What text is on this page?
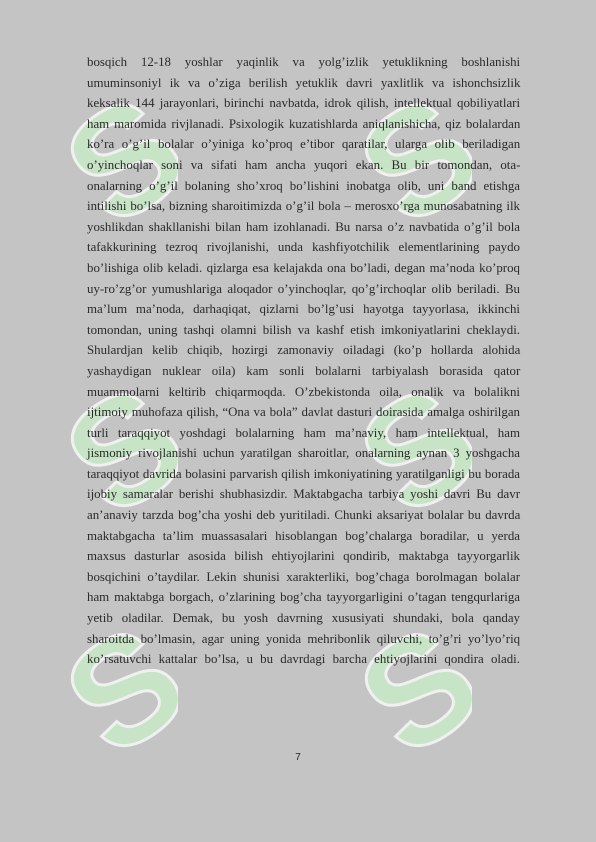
S S
S S
S S
bosqich 12-18 yoshlar yaqinlik va yolg’izlik yetuklikning boshlanishi
umuminsoniyl ik va o’ziga berilish yetuklik davri yaxlitlik va ishonchsizlik
keksalik 144 jarayonlari, birinchi navbatda, idrok qilish, intellektual qobiliyatlari
ham maromida rivjlanadi. Psixologik kuzatishlarda aniqlanishicha, qiz bolalardan
ko’ra o’g’il bolalar o’yiniga ko’proq e’tibor qaratilar, ularga olib beriladigan
o’yinchoqlar soni va sifati ham ancha yuqori ekan. Bu bir tomondan, ota-
onalarning o’g’il bolaning sho’xroq bo’lishini inobatga olib, uni band etishga
intilishi bo’lsa, bizning sharoitimizda o’g’il bola – merosxo’rga munosabatning ilk
yoshlikdan shakllanishi bilan ham izohlanadi. Bu narsa o’z navbatida o’g’il bola
tafakkurining tezroq rivojlanishi, unda kashfiyotchilik elementlarining paydo
bo’lishiga olib keladi. qizlarga esa kelajakda ona bo’ladi, degan ma’noda ko’proq
uy-ro’zg’or yumushlariga aloqador o’yinchoqlar, qo’g’irchoqlar olib beriladi. Bu
ma’lum ma’noda, darhaqiqat, qizlarni bo’lg’usi hayotga tayyorlasa, ikkinchi
tomondan, uning tashqi olamni bilish va kashf etish imkoniyatlarini cheklaydi.
Shulardjan kelib chiqib, hozirgi zamonaviy oiladagi (ko’p hollarda alohida
yashaydigan nuklear oila) kam sonli bolalarni tarbiyalash borasida qator
muammolarni keltirib chiqarmoqda. O’zbekistonda oila, onalik va bolalikni
ijtimoiy muhofaza qilish, “Ona va bola” davlat dasturi doirasida amalga oshirilgan
turli taraqqiyot yoshdagi bolalarning ham ma’naviy, ham intellektual, ham
jismoniy rivojlanishi uchun yaratilgan sharoitlar, onalarning aynan 3 yoshgacha
taraqqiyot davrida bolasini parvarish qilish imkoniyatining yaratilganligi bu borada
ijobiy samaralar berishi shubhasizdir. Maktabgacha tarbiya yoshi davri Bu davr
an’anaviy tarzda bog’cha yoshi deb yuritiladi. Chunki aksariyat bolalar bu davrda
maktabgacha ta’lim muassasalari hisoblangan bog’chalarga boradilar, u yerda
maxsus dasturlar asosida bilish ehtiyojlarini qondirib, maktabga tayyorgarlik
bosqichini o’taydilar. Lekin shunisi xarakterliki, bog’chaga borolmagan bolalar
ham maktabga borgach, o’zlarining bog’cha tayyorgarligini o’tagan tengqurlariga
yetib oladilar. Demak, bu yosh davrning xususiyati shundaki, bola qanday
sharoitda bo’lmasin, agar uning yonida mehribonlik qiluvchi, to’g’ri yo’lyo’riq
ko’rsatuvchi kattalar bo’lsa, u bu davrdagi barcha ehtiyojlarini qondira oladi.
7
